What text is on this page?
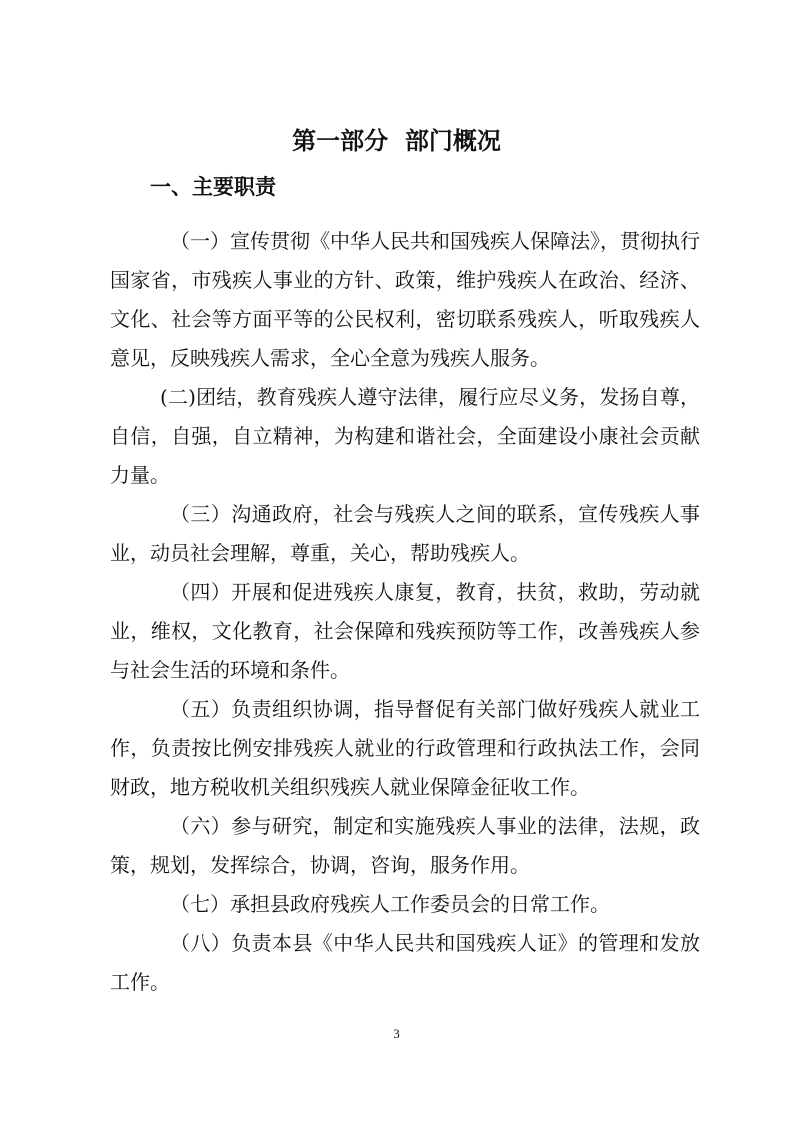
第一部分  部门概况
一、主要职责

（一）宣传贯彻《中华人民共和国残疾人保障法》，贯彻执行国家省，市残疾人事业的方针、政策，维护残疾人在政治、经济、文化、社会等方面平等的公民权利，密切联系残疾人，听取残疾人意见，反映残疾人需求，全心全意为残疾人服务。

(二)团结，教育残疾人遵守法律，履行应尽义务，发扬自尊，自信，自强，自立精神，为构建和谐社会，全面建设小康社会贡献力量。

（三）沟通政府，社会与残疾人之间的联系，宣传残疾人事业，动员社会理解，尊重，关心，帮助残疾人。

（四）开展和促进残疾人康复，教育，扶贫，救助，劳动就业，维权，文化教育，社会保障和残疾预防等工作，改善残疾人参与社会生活的环境和条件。

（五）负责组织协调，指导督促有关部门做好残疾人就业工作，负责按比例安排残疾人就业的行政管理和行政执法工作，会同财政，地方税收机关组织残疾人就业保障金征收工作。

（六）参与研究，制定和实施残疾人事业的法律，法规，政策，规划，发挥综合，协调，咨询，服务作用。

（七）承担县政府残疾人工作委员会的日常工作。

（八）负责本县《中华人民共和国残疾人证》的管理和发放工作。

3
